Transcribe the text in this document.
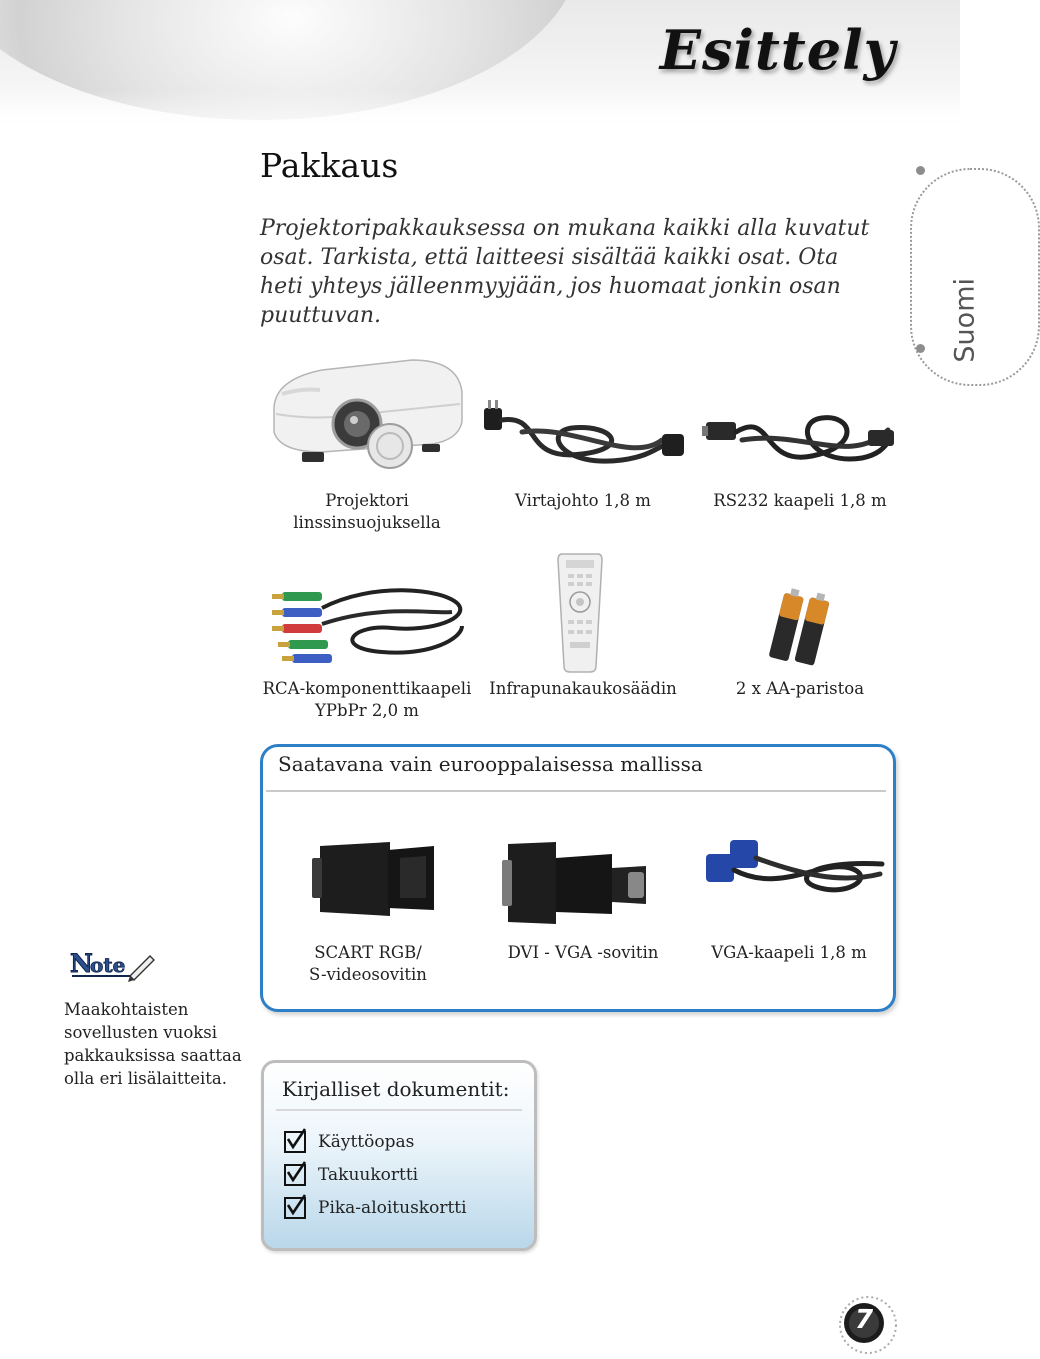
Esittely
Suomi
Pakkaus

Projektoripakkauksessa on mukana kaikki alla kuvatut osat. Tarkista, että laitteesi sisältää kaikki osat. Ota heti yhteys jälleenmyyjään, jos huomaat jonkin osan puuttuvan.

Projektori
linssinsuojuksella
Virtajohto 1,8 m	RS232 kaapeli 1,8 m
RCA-komponenttikaapeli
YPbPr 2,0 m
Infrapunakaukosäädin	2 x AA-paristoa
Saatavana vain eurooppalaisessa mallissa
SCART RGB/
S-videosovitin
DVI - VGA -sovitin	VGA-kaapeli 1,8 m
N
ote

Maakohtaisten sovellusten vuoksi pakkauksissa saattaa olla eri lisälaitteita.	Kirjalliset dokumentit:
Käyttöopas
Takuukortti
Pika-aloituskortti
7
